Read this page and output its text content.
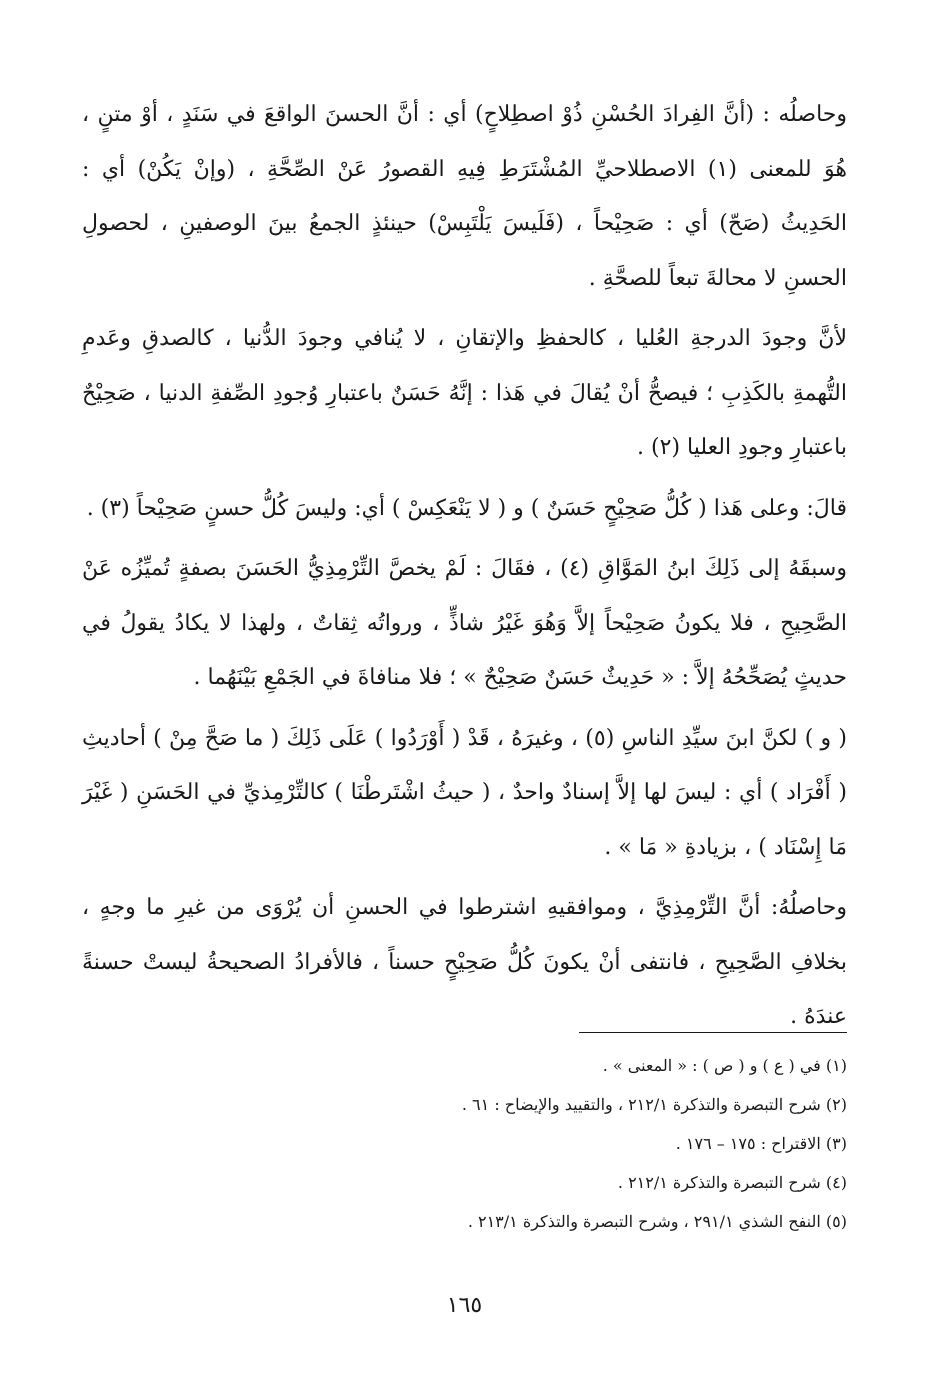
وحاصلُه : (أنَّ الفِرادَ الحُسْنِ ذُوْ اصطِلاحٍ) أي : أنَّ الحسنَ الواقعَ في سَنَدٍ ، أوْ متنٍ ، هُوَ للمعنى (١) الاصطلاحيِّ المُشْتَرَطِ فِيهِ القصورُ عَنْ الصِّحَّةِ ، (وإنْ يَكُنْ) أي : الحَدِيثُ (صَحّ) أي : صَحِيْحاً ، (فَلَيسَ يَلْتَبِسْ) حينئذٍ الجمعُ بينَ الوصفينِ ، لحصولِ الحسنِ لا محالةَ تبعاً للصحَّةِ .

لأنَّ وجودَ الدرجةِ العُليا ، كالحفظِ والإتقانِ ، لا يُنافي وجودَ الدُّنيا ، كالصدقِ وعَدمِ التُّهمةِ بالكَذِبِ ؛ فيصحُّ أنْ يُقالَ في هَذا : إنَّهُ حَسَنٌ باعتبارِ وُجودِ الصِّفةِ الدنيا ، صَحِيْحٌ باعتبارِ وجودِ العليا (٢) .

قالَ: وعلى هَذا ( كُلُّ صَحِيْحٍ حَسَنٌ ) و ( لا يَنْعَكِسْ ) أي: وليسَ كُلُّ حسنٍ صَحِيْحاً (٣) .

وسبقَهُ إلى ذَلِكَ ابنُ المَوَّاقِ (٤) ، فقَالَ : لَمْ يخصَّ التِّرْمِذِيُّ الحَسَنَ بصفةٍ تُميِّزُه عَنْ الصَّحِيحِ ، فلا يكونُ صَحِيْحاً إلاَّ وَهُوَ غَيْرُ شاذٍّ ، ورواتُه ثِقاتٌ ، ولهذا لا يكادُ يقولُ في حديثٍ يُصَحِّحُهُ إلاَّ : « حَدِيثٌ حَسَنٌ صَحِيْحٌ » ؛ فلا منافاةَ في الجَمْعِ بَيْنَهُما .

( و ) لكنَّ ابنَ سيِّدِ الناسِ (٥) ، وغيرَهُ ، قَدْ ( أَوْرَدُوا ) عَلَى ذَلِكَ ( ما صَحَّ مِنْ ) أحاديثِ ( أَفْرَاد ) أي : ليسَ لها إلاَّ إسنادٌ واحدٌ ، ( حيثُ اشْتَرطْنَا ) كالتِّرْمِذيِّ في الحَسَنِ ( غَيْرَ مَا إِسْنَاد ) ، بزيادةِ « مَا » .

وحاصلُهُ: أنَّ التِّرْمِذِيَّ ، وموافقيهِ اشترطوا في الحسنِ أن يُرْوَى من غيرِ ما وجهٍ ، بخلافِ الصَّحِيحِ ، فانتفى أنْ يكونَ كُلُّ صَحِيْحٍ حسناً ، فالأفرادُ الصحيحةُ ليستْ حسنةً عندَهُ .

(١) في ( ع ) و ( ص ) : « المعنى » .

(٢) شرح التبصرة والتذكرة ٢١٢/١ ، والتقييد والإيضاح : ٦١ .

(٣) الاقتراح : ١٧٥ – ١٧٦ .

(٤) شرح التبصرة والتذكرة ٢١٢/١ .

(٥) النفح الشذي ٢٩١/١ ، وشرح التبصرة والتذكرة ٢١٣/١ .

١٦٥
